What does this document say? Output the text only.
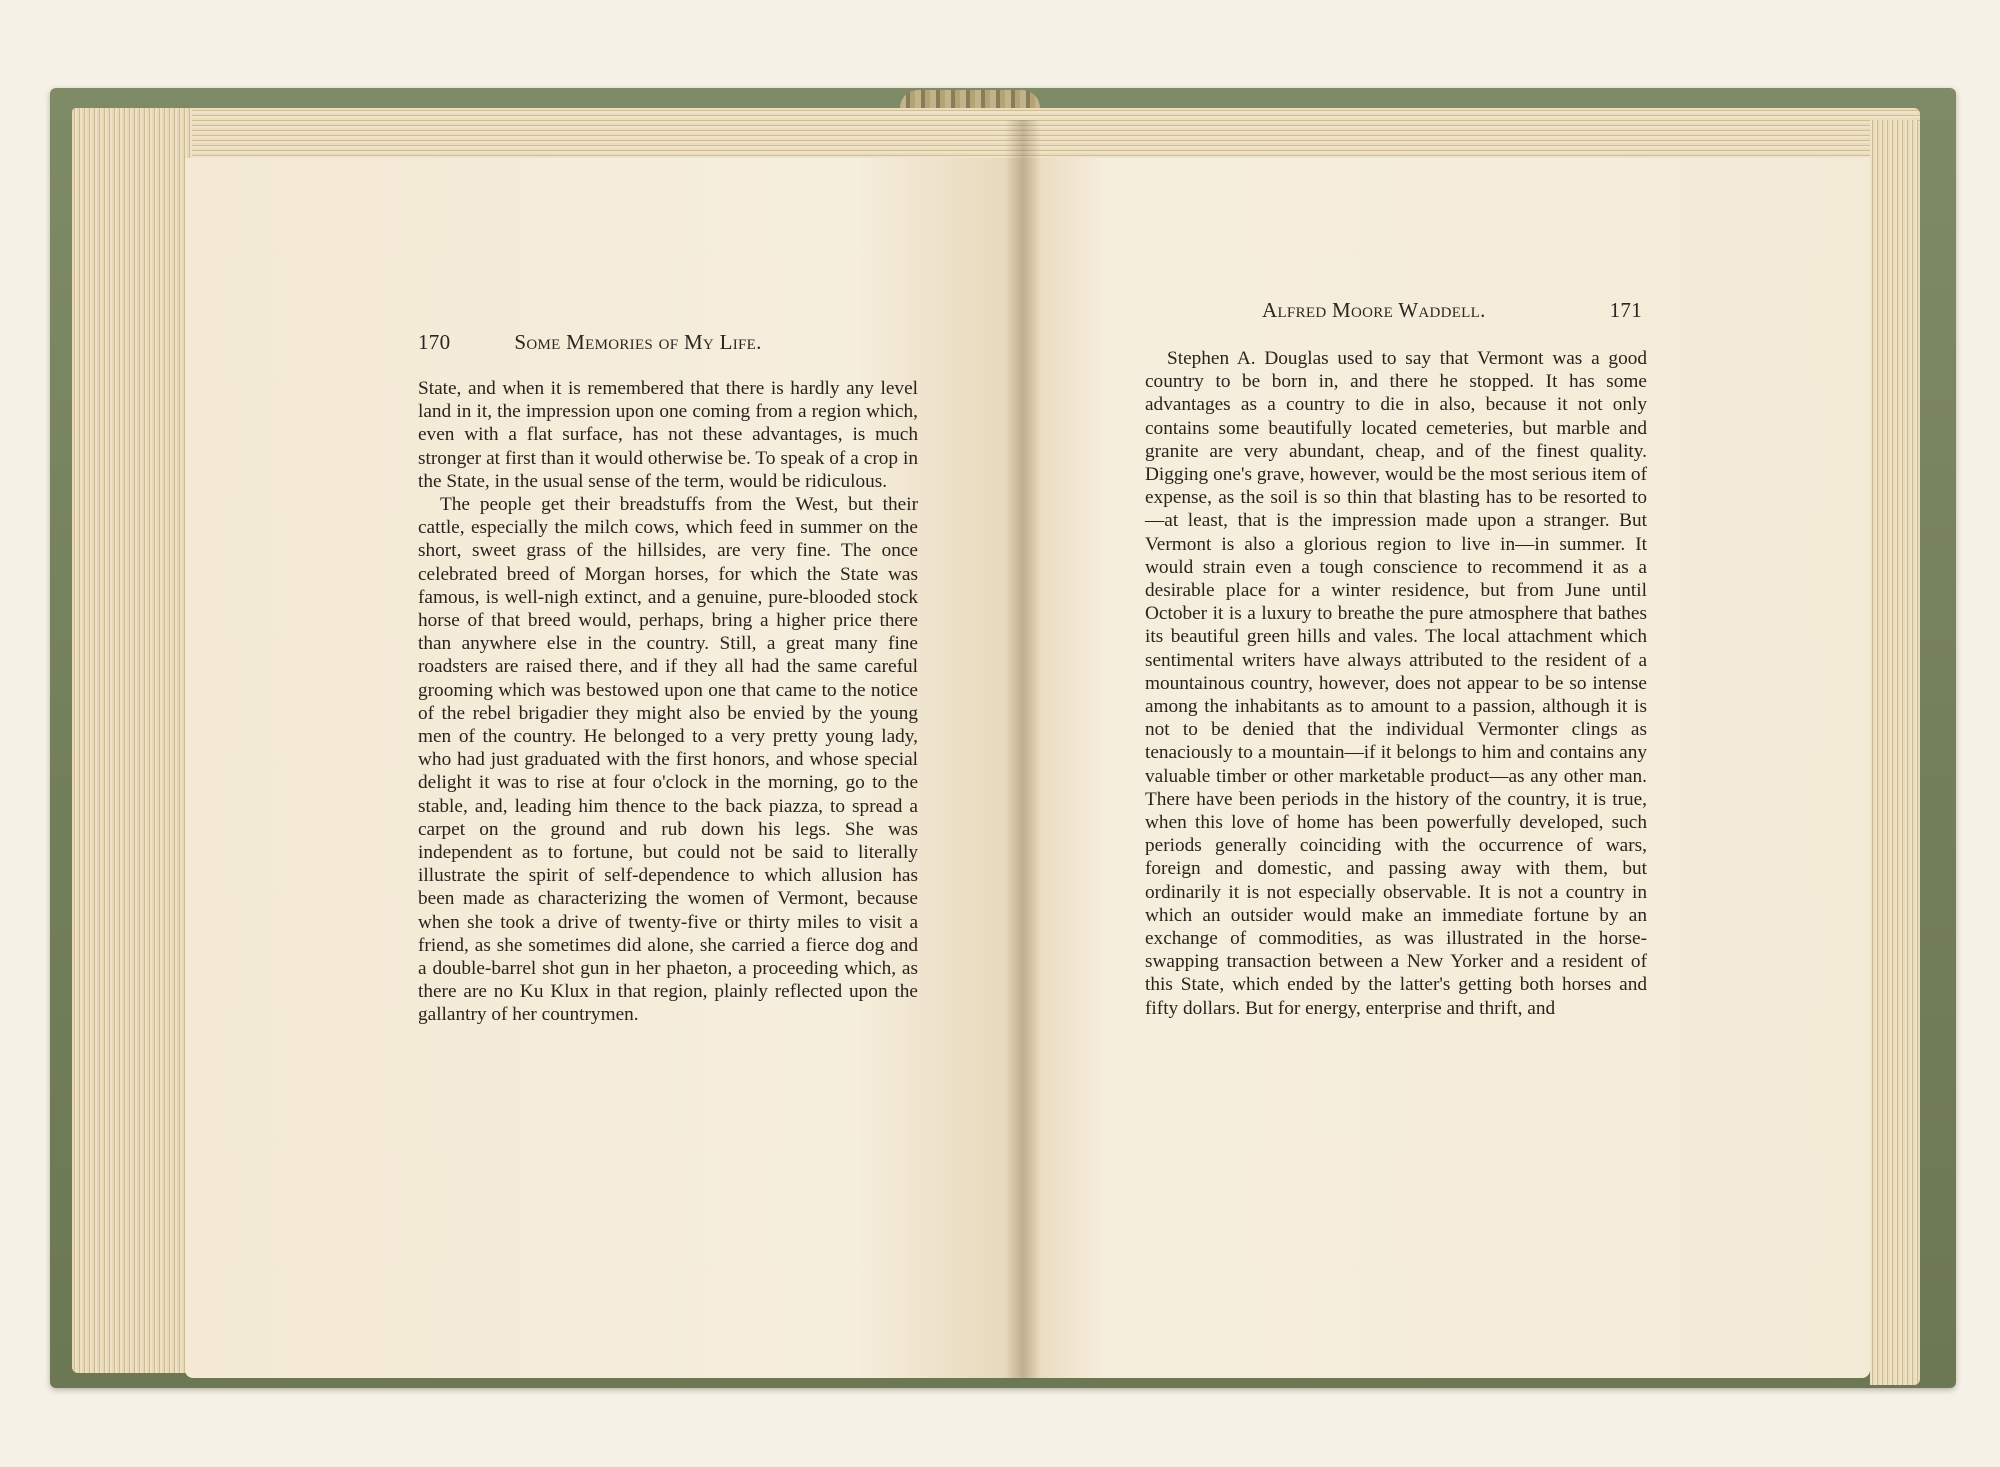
170	Some Memories of My Life.
Alfred Moore Waddell.	171

State, and when it is remembered that there is hardly any level land in it, the impression upon one coming from a region which, even with a flat surface, has not these advantages, is much stronger at first than it would otherwise be. To speak of a crop in the State, in the usual sense of the term, would be ridiculous.

The people get their breadstuffs from the West, but their cattle, especially the milch cows, which feed in summer on the short, sweet grass of the hillsides, are very fine. The once celebrated breed of Morgan horses, for which the State was famous, is well-nigh extinct, and a genuine, pure-blooded stock horse of that breed would, perhaps, bring a higher price there than anywhere else in the country. Still, a great many fine roadsters are raised there, and if they all had the same careful grooming which was bestowed upon one that came to the notice of the rebel brigadier they might also be envied by the young men of the country. He belonged to a very pretty young lady, who had just graduated with the first honors, and whose special delight it was to rise at four o'clock in the morning, go to the stable, and, leading him thence to the back piazza, to spread a carpet on the ground and rub down his legs. She was independent as to fortune, but could not be said to literally illustrate the spirit of self-dependence to which allusion has been made as characterizing the women of Vermont, because when she took a drive of twenty-five or thirty miles to visit a friend, as she sometimes did alone, she carried a fierce dog and a double-barrel shot gun in her phaeton, a proceeding which, as there are no Ku Klux in that region, plainly reflected upon the gallantry of her countrymen.

Stephen A. Douglas used to say that Vermont was a good country to be born in, and there he stopped. It has some advantages as a country to die in also, because it not only contains some beautifully located cemeteries, but marble and granite are very abundant, cheap, and of the finest quality. Digging one's grave, however, would be the most serious item of expense, as the soil is so thin that blasting has to be resorted to—at least, that is the impression made upon a stranger. But Vermont is also a glorious region to live in—in summer. It would strain even a tough conscience to recommend it as a desirable place for a winter residence, but from June until October it is a luxury to breathe the pure atmosphere that bathes its beautiful green hills and vales. The local attachment which sentimental writers have always attributed to the resident of a mountainous country, however, does not appear to be so intense among the inhabitants as to amount to a passion, although it is not to be denied that the individual Vermonter clings as tenaciously to a mountain—if it belongs to him and contains any valuable timber or other marketable product—as any other man. There have been periods in the history of the country, it is true, when this love of home has been powerfully developed, such periods generally coinciding with the occurrence of wars, foreign and domestic, and passing away with them, but ordinarily it is not especially observable. It is not a country in which an outsider would make an immediate fortune by an exchange of commodities, as was illustrated in the horse-swapping transaction between a New Yorker and a resident of this State, which ended by the latter's getting both horses and fifty dollars. But for energy, enterprise and thrift, and
